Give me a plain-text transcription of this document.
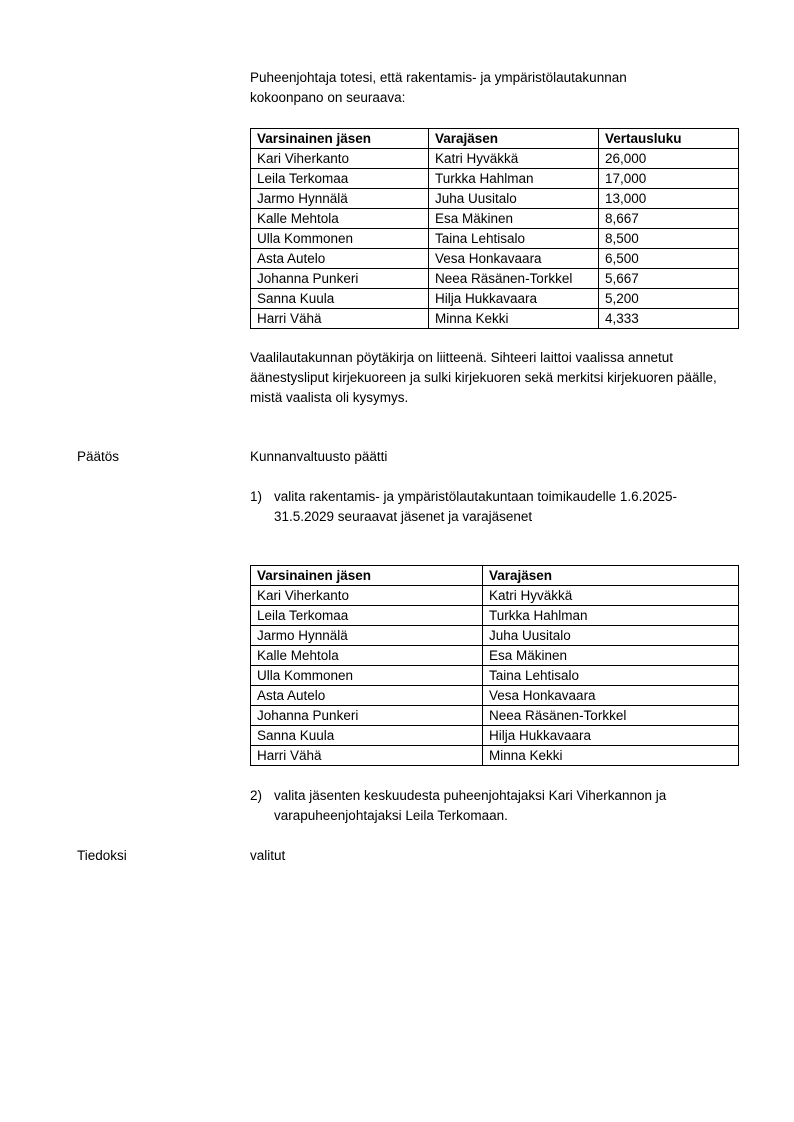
Puheenjohtaja totesi, että rakentamis- ja ympäristölautakunnan kokoonpano on seuraava:
Varsinainen jäsen	Varajäsen	Vertausluku
Kari Viherkanto	Katri Hyväkkä	26,000
Leila Terkomaa	Turkka Hahlman	17,000
Jarmo Hynnälä	Juha Uusitalo	13,000
Kalle Mehtola	Esa Mäkinen	8,667
Ulla Kommonen	Taina Lehtisalo	8,500
Asta Autelo	Vesa Honkavaara	6,500
Johanna Punkeri	Neea Räsänen-Torkkel	5,667
Sanna Kuula	Hilja Hukkavaara	5,200
Harri Vähä	Minna Kekki	4,333
Vaalilautakunnan pöytäkirja on liitteenä. Sihteeri laittoi vaalissa annetut äänestysliput kirjekuoreen ja sulki kirjekuoren sekä merkitsi kirjekuoren päälle, mistä vaalista oli kysymys.
Päätös	Kunnanvaltuusto päätti
1) valita rakentamis- ja ympäristölautakuntaan toimikaudelle 1.6.2025-31.5.2029 seuraavat jäsenet ja varajäsenet
Varsinainen jäsen	Varajäsen
Kari Viherkanto	Katri Hyväkkä
Leila Terkomaa	Turkka Hahlman
Jarmo Hynnälä	Juha Uusitalo
Kalle Mehtola	Esa Mäkinen
Ulla Kommonen	Taina Lehtisalo
Asta Autelo	Vesa Honkavaara
Johanna Punkeri	Neea Räsänen-Torkkel
Sanna Kuula	Hilja Hukkavaara
Harri Vähä	Minna Kekki
2) valita jäsenten keskuudesta puheenjohtajaksi Kari Viherkannon ja varapuheenjohtajaksi Leila Terkomaan.
Tiedoksi	valitut
